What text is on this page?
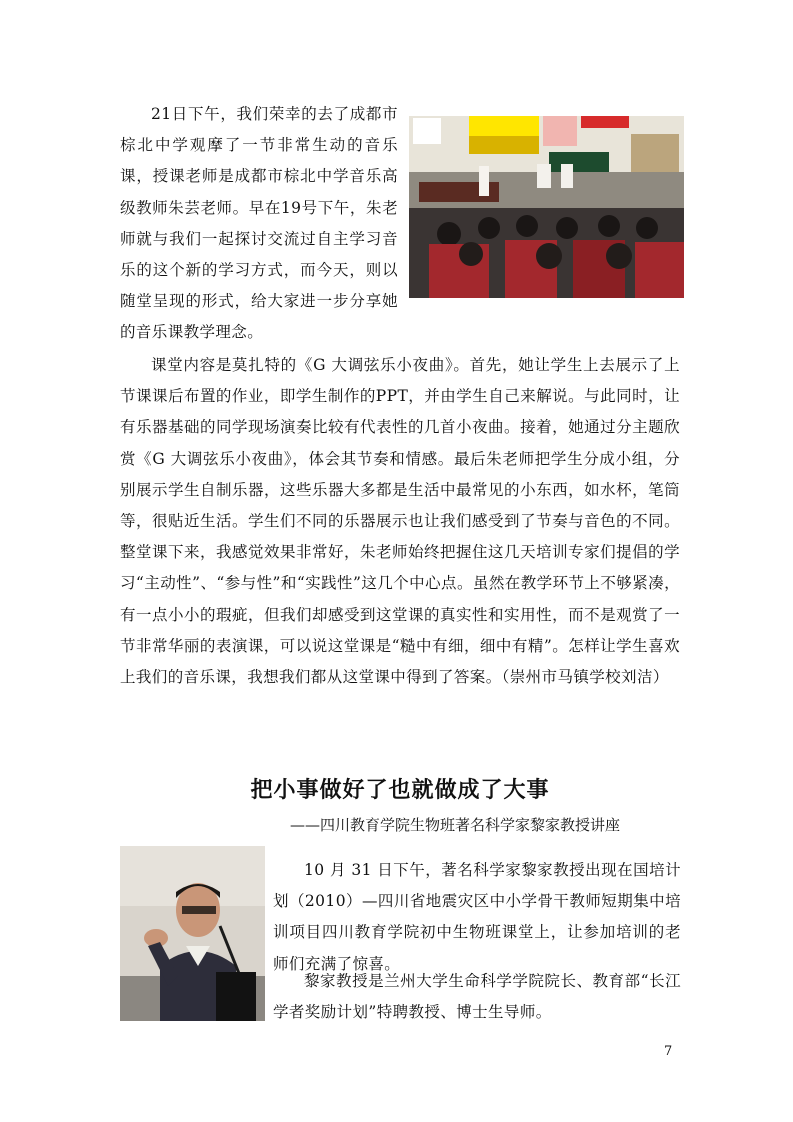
21日下午，我们荣幸的去了成都市棕北中学观摩了一节非常生动的音乐课，授课老师是成都市棕北中学音乐高级教师朱芸老师。早在19号下午，朱老师就与我们一起探讨交流过自主学习音乐的这个新的学习方式，而今天，则以随堂呈现的形式，给大家进一步分享她的音乐课教学理念。

课堂内容是莫扎特的《G 大调弦乐小夜曲》。首先，她让学生上去展示了上节课课后布置的作业，即学生制作的PPT，并由学生自己来解说。与此同时，让有乐器基础的同学现场演奏比较有代表性的几首小夜曲。接着，她通过分主题欣赏《G 大调弦乐小夜曲》，体会其节奏和情感。最后朱老师把学生分成小组，分别展示学生自制乐器，这些乐器大多都是生活中最常见的小东西，如水杯，笔筒等，很贴近生活。学生们不同的乐器展示也让我们感受到了节奏与音色的不同。整堂课下来，我感觉效果非常好，朱老师始终把握住这几天培训专家们提倡的学习“主动性”、“参与性”和“实践性”这几个中心点。虽然在教学环节上不够紧凑，有一点小小的瑕疵，但我们却感受到这堂课的真实性和实用性，而不是观赏了一节非常华丽的表演课，可以说这堂课是“糙中有细，细中有精”。怎样让学生喜欢上我们的音乐课，我想我们都从这堂课中得到了答案。（崇州市马镇学校刘洁）

把小事做好了也就做成了大事
——四川教育学院生物班著名科学家黎家教授讲座

10 月 31 日下午，著名科学家黎家教授出现在国培计划（2010）—四川省地震灾区中小学骨干教师短期集中培训项目四川教育学院初中生物班课堂上，让参加培训的老师们充满了惊喜。

黎家教授是兰州大学生命科学学院院长、教育部“长江学者奖励计划”特聘教授、博士生导师。

7
